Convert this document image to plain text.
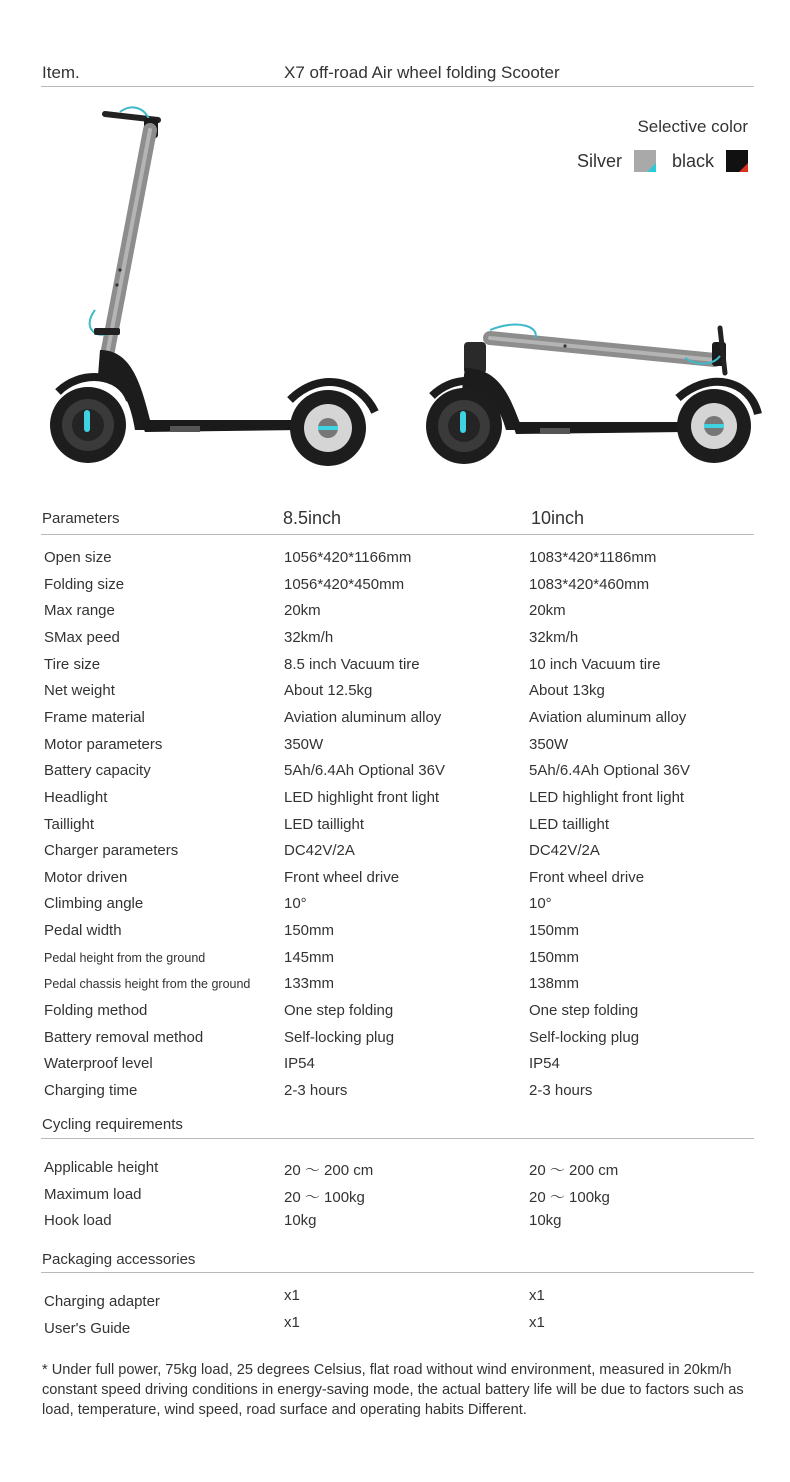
Item.	X7 off-road Air wheel folding Scooter
Selective color
Silver	black
Parameters	8.5inch	10inch
Open size	1056*420*1166mm	1083*420*1186mm
Folding size	1056*420*450mm	1083*420*460mm
Max range	20km	20km
SMax peed	32km/h	32km/h
Tire size	8.5 inch Vacuum tire	10 inch Vacuum tire
Net weight	About 12.5kg	About 13kg
Frame material	Aviation aluminum alloy	Aviation aluminum alloy
Motor parameters	350W	350W
Battery capacity	5Ah/6.4Ah Optional 36V	5Ah/6.4Ah Optional 36V
Headlight	LED highlight front light	LED highlight front light
Taillight	LED taillight	LED taillight
Charger parameters	DC42V/2A	DC42V/2A
Motor driven	Front wheel drive	Front wheel drive
Climbing angle	10°	10°
Pedal width	150mm	150mm
Pedal height from the ground	145mm	150mm
Pedal chassis height from the ground 133mm	138mm
Folding method	One step folding	One step folding
Battery removal method	Self-locking plug	Self-locking plug
Waterproof level	IP54	IP54
Charging time	2-3 hours	2-3 hours
Cycling requirements
Applicable height	20 ～ 200 cm	20 ～ 200 cm
Maximum load	20 ～ 100kg	20 ～ 100kg
Hook load	10kg	10kg
Packaging accessories
Charging adapter	x1	x1
User's Guide	x1	x1
* Under full power, 75kg load, 25 degrees Celsius, flat road without wind environment, measured in 20km/h constant speed driving conditions in energy-saving mode, the actual battery life will be due to factors such as load, temperature, wind speed, road surface and operating habits Different.
